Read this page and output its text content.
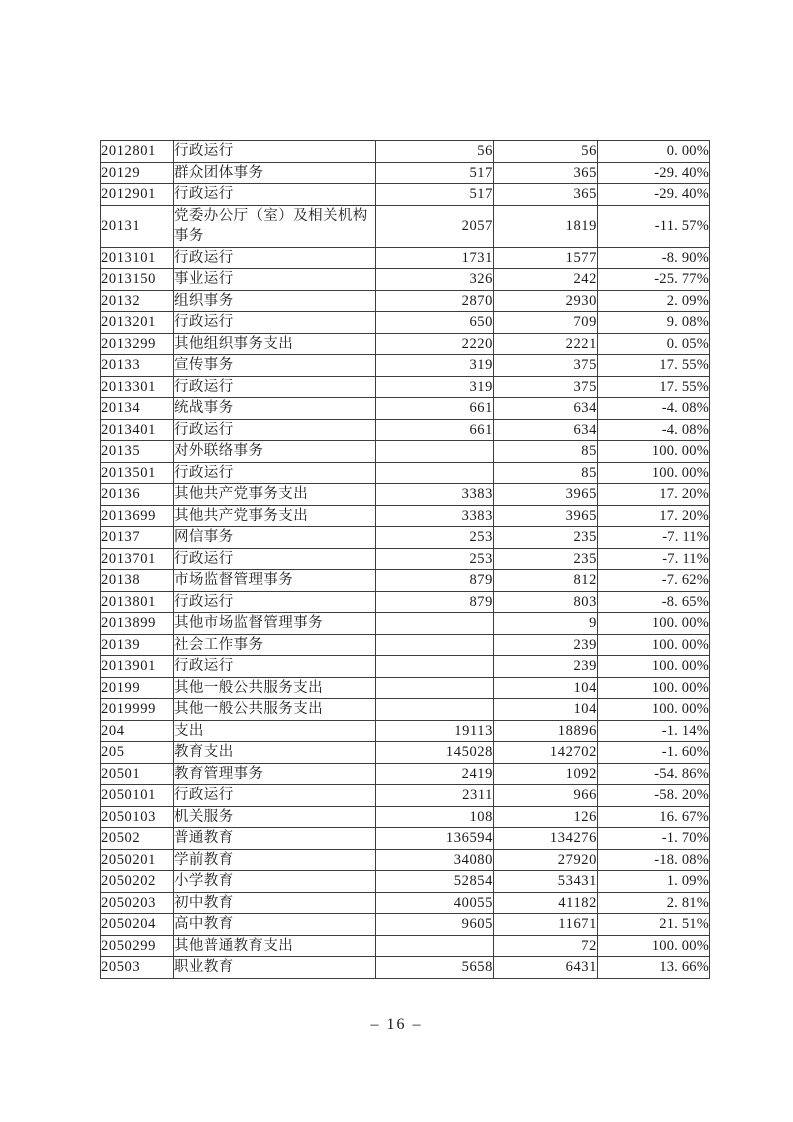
2012801	行政运行	56	56	0. 00%
20129	群众团体事务	517	365	-29. 40%
2012901	行政运行	517	365	-29. 40%
20131	党委办公厅（室）及相关机构事务	2057	1819	-11. 57%
2013101	行政运行	1731	1577	-8. 90%
2013150	事业运行	326	242	-25. 77%
20132	组织事务	2870	2930	2. 09%
2013201	行政运行	650	709	9. 08%
2013299	其他组织事务支出	2220	2221	0. 05%
20133	宣传事务	319	375	17. 55%
2013301	行政运行	319	375	17. 55%
20134	统战事务	661	634	-4. 08%
2013401	行政运行	661	634	-4. 08%
20135	对外联络事务		85	100. 00%
2013501	行政运行		85	100. 00%
20136	其他共产党事务支出	3383	3965	17. 20%
2013699	其他共产党事务支出	3383	3965	17. 20%
20137	网信事务	253	235	-7. 11%
2013701	行政运行	253	235	-7. 11%
20138	市场监督管理事务	879	812	-7. 62%
2013801	行政运行	879	803	-8. 65%
2013899	其他市场监督管理事务		9	100. 00%
20139	社会工作事务		239	100. 00%
2013901	行政运行		239	100. 00%
20199	其他一般公共服务支出		104	100. 00%
2019999	其他一般公共服务支出		104	100. 00%
204	支出	19113	18896	-1. 14%
205	教育支出	145028	142702	-1. 60%
20501	教育管理事务	2419	1092	-54. 86%
2050101	行政运行	2311	966	-58. 20%
2050103	机关服务	108	126	16. 67%
20502	普通教育	136594	134276	-1. 70%
2050201	学前教育	34080	27920	-18. 08%
2050202	小学教育	52854	53431	1. 09%
2050203	初中教育	40055	41182	2. 81%
2050204	高中教育	9605	11671	21. 51%
2050299	其他普通教育支出		72	100. 00%
20503	职业教育	5658	6431	13. 66%
– 16 –
